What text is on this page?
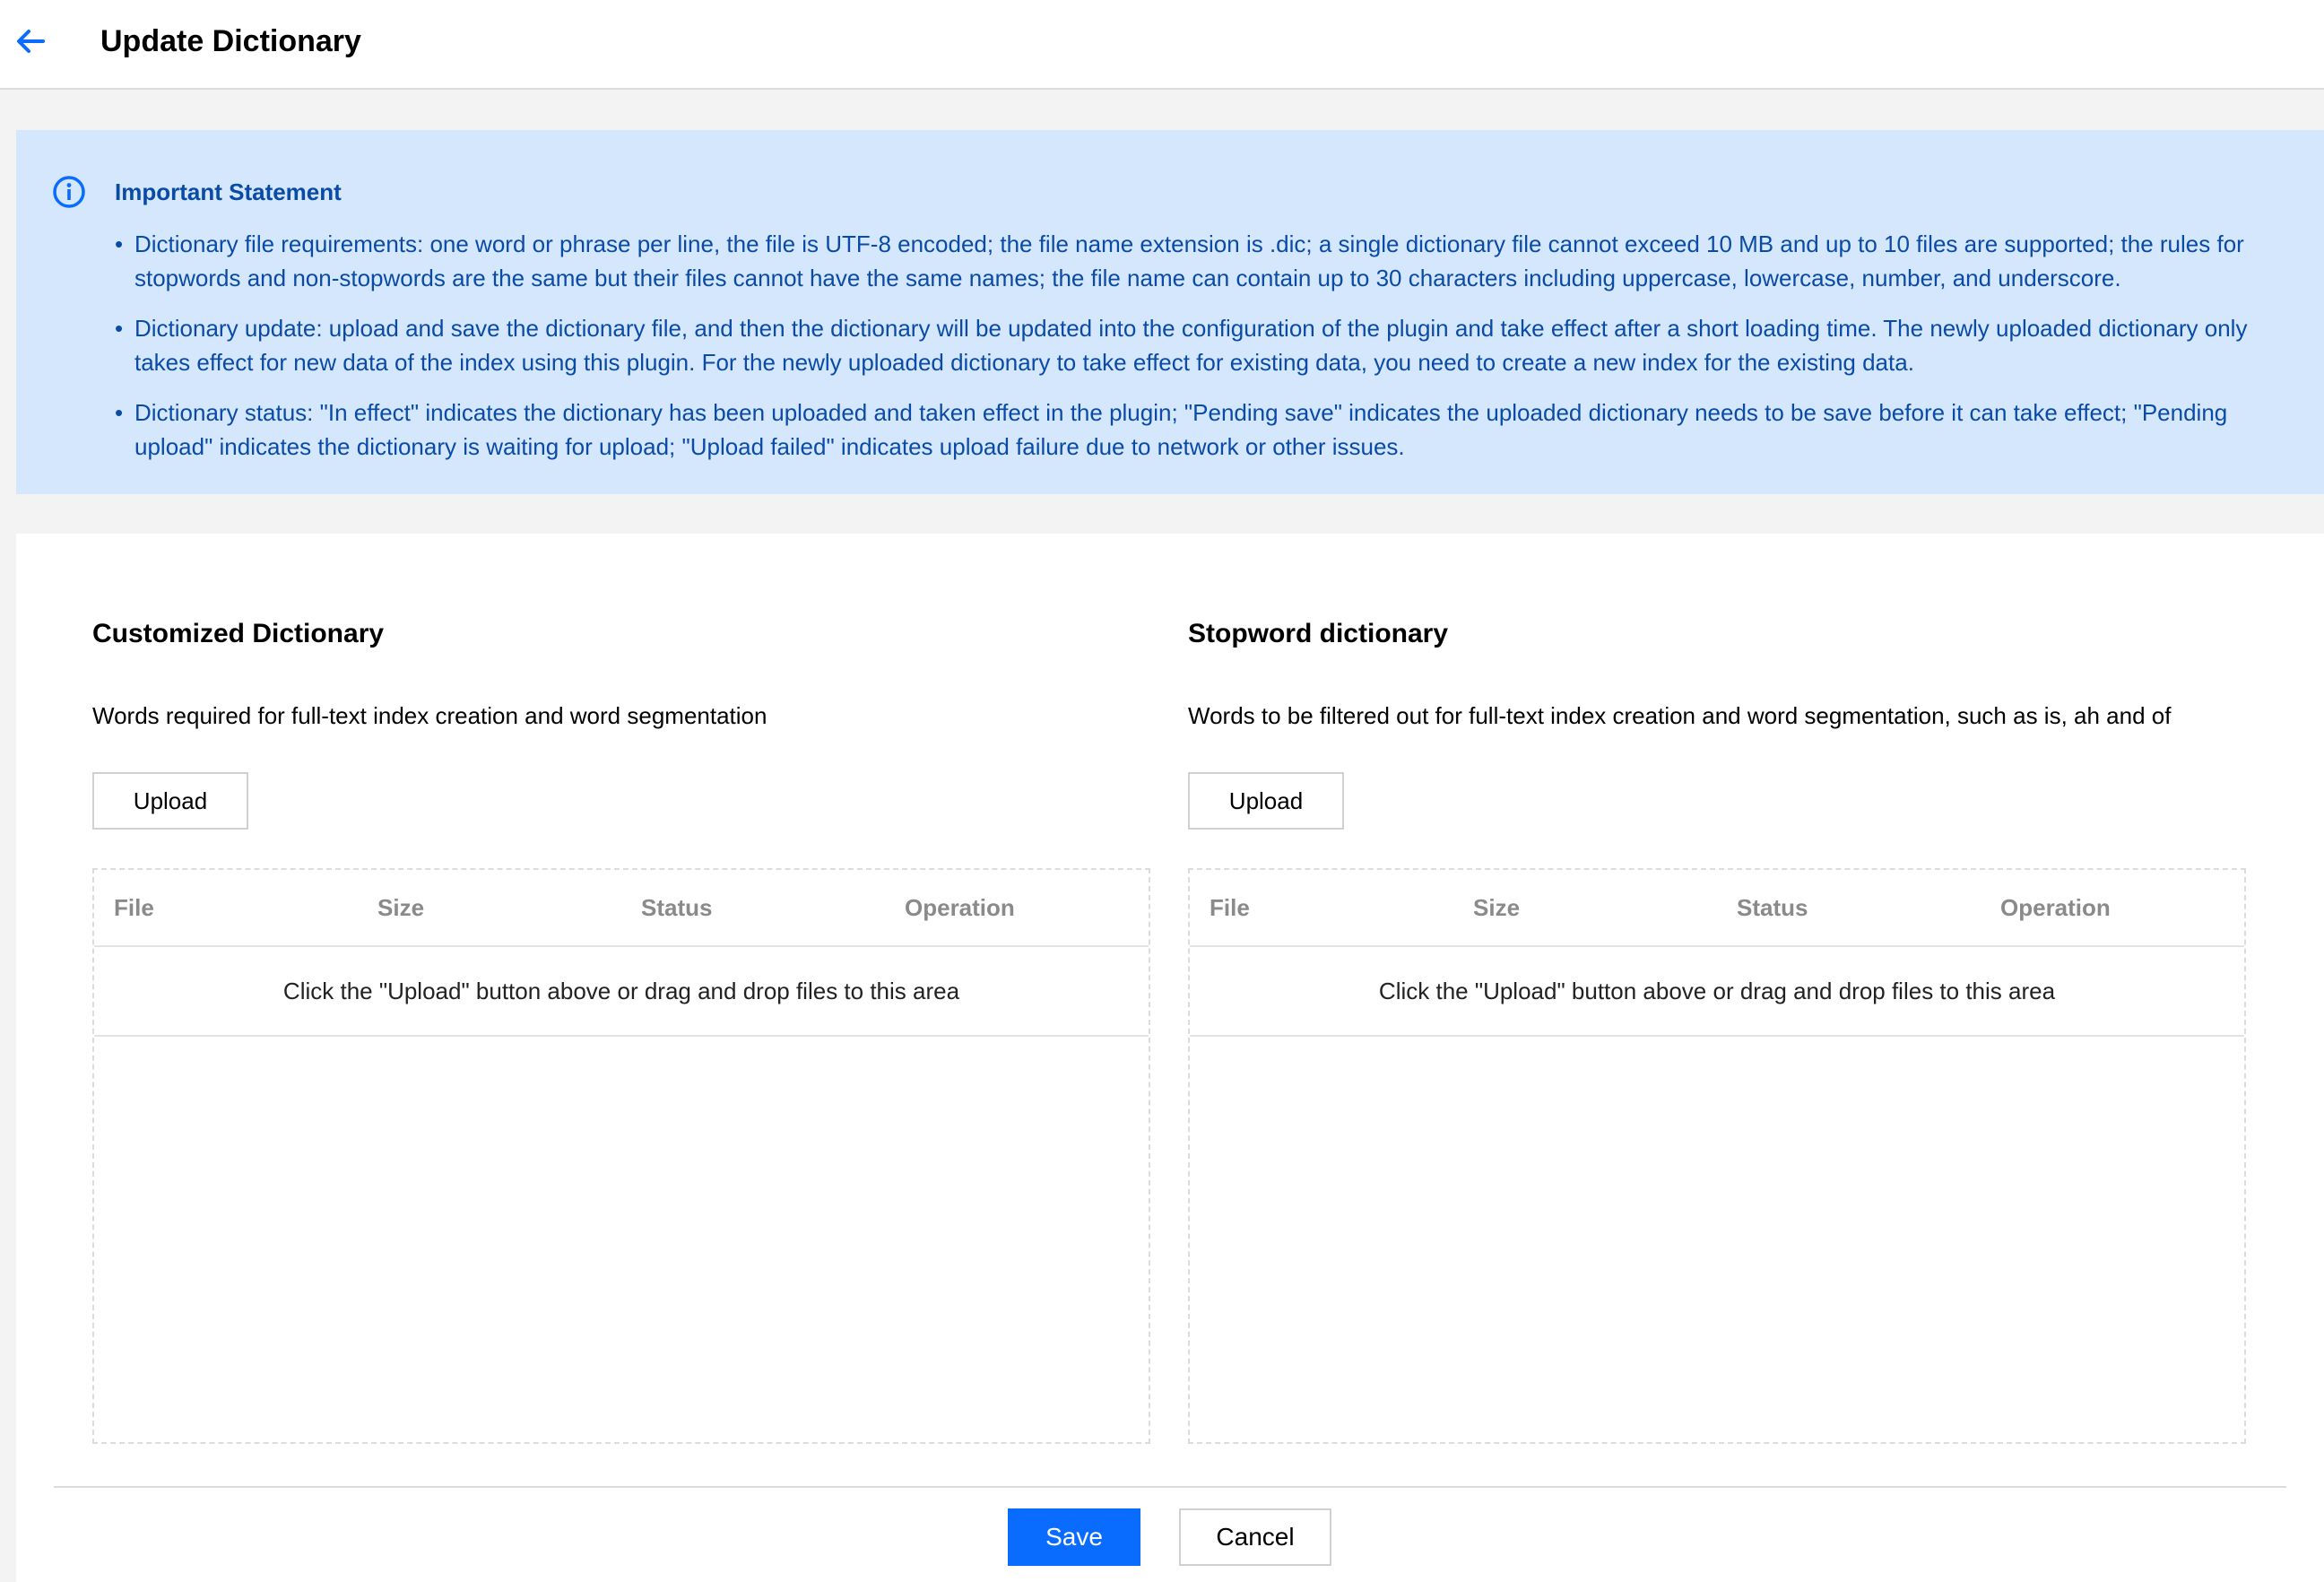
Update Dictionary
Important Statement
• Dictionary file requirements: one word or phrase per line, the file is UTF-8 encoded; the file name extension is .dic; a single dictionary file cannot exceed 10 MB and up to 10 files are supported; the rules for stopwords and non-stopwords are the same but their files cannot have the same names; the file name can contain up to 30 characters including uppercase, lowercase, number, and underscore.
• Dictionary update: upload and save the dictionary file, and then the dictionary will be updated into the configuration of the plugin and take effect after a short loading time. The newly uploaded dictionary only takes effect for new data of the index using this plugin. For the newly uploaded dictionary to take effect for existing data, you need to create a new index for the existing data.
• Dictionary status: "In effect" indicates the dictionary has been uploaded and taken effect in the plugin; "Pending save" indicates the uploaded dictionary needs to be save before it can take effect; "Pending upload" indicates the dictionary is waiting for upload; "Upload failed" indicates upload failure due to network or other issues.
Customized Dictionary
Words required for full-text index creation and word segmentation
Upload
File	Size	Status	Operation
Click the "Upload" button above or drag and drop files to this area
Stopword dictionary
Words to be filtered out for full-text index creation and word segmentation, such as is, ah and of
Upload
File	Size	Status	Operation
Click the "Upload" button above or drag and drop files to this area
Save	Cancel
